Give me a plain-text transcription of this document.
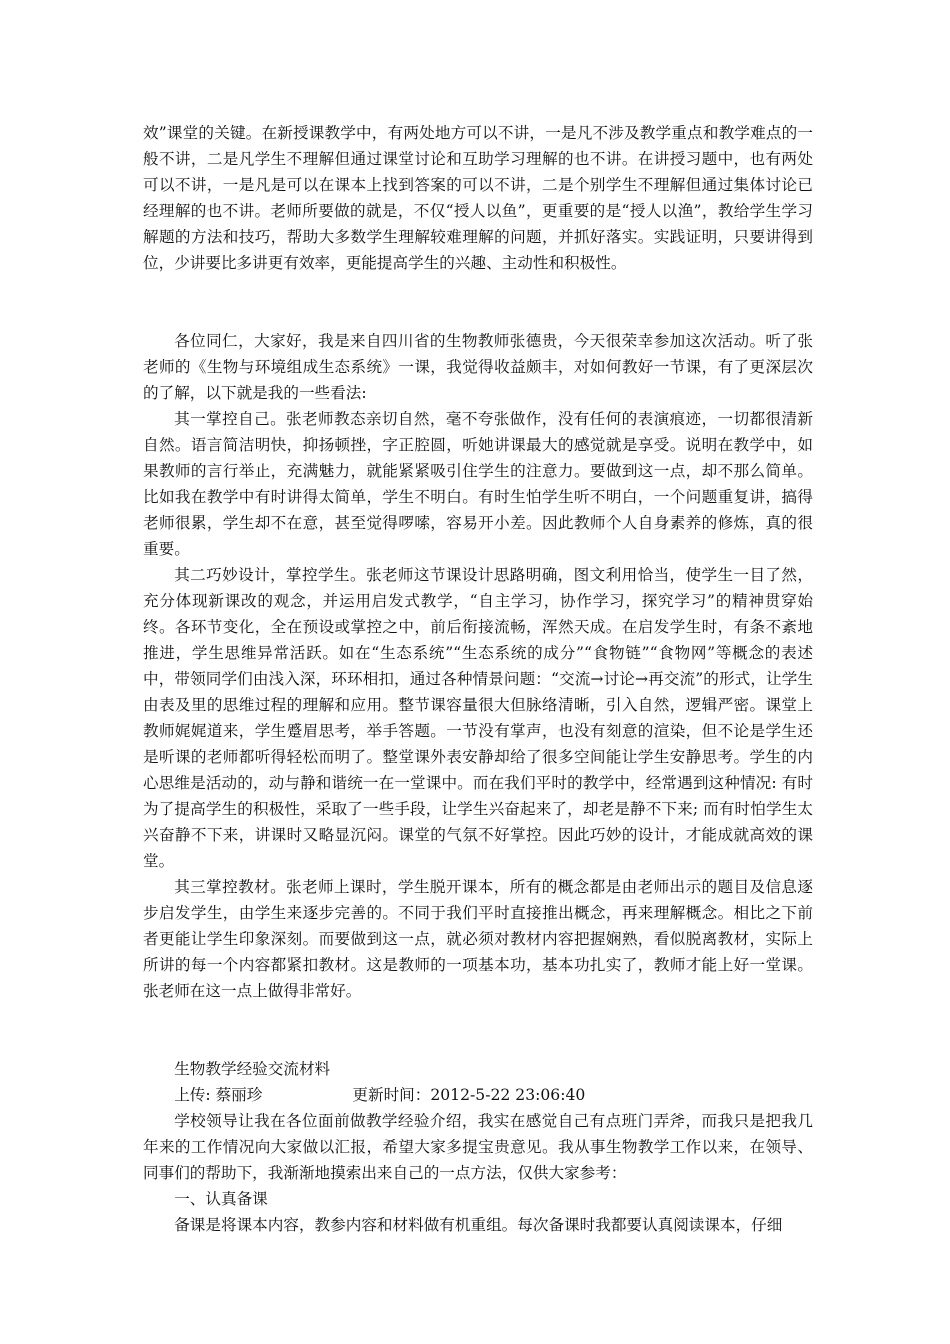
效”课堂的关键。在新授课教学中，有两处地方可以不讲，一是凡不涉及教学重点和教学难点的一般不讲，二是凡学生不理解但通过课堂讨论和互助学习理解的也不讲。在讲授习题中，也有两处可以不讲，一是凡是可以在课本上找到答案的可以不讲，二是个别学生不理解但通过集体讨论已经理解的也不讲。老师所要做的就是，不仅“授人以鱼”，更重要的是“授人以渔”，教给学生学习解题的方法和技巧，帮助大多数学生理解较难理解的问题，并抓好落实。实践证明，只要讲得到位，少讲要比多讲更有效率，更能提高学生的兴趣、主动性和积极性。

各位同仁，大家好，我是来自四川省的生物教师张德贵，今天很荣幸参加这次活动。听了张老师的《生物与环境组成生态系统》一课，我觉得收益颇丰，对如何教好一节课，有了更深层次的了解，以下就是我的一些看法:

其一掌控自己。张老师教态亲切自然，毫不夸张做作，没有任何的表演痕迹，一切都很清新自然。语言简洁明快，抑扬顿挫，字正腔圆，听她讲课最大的感觉就是享受。说明在教学中，如果教师的言行举止，充满魅力，就能紧紧吸引住学生的注意力。要做到这一点，却不那么简单。比如我在教学中有时讲得太简单，学生不明白。有时生怕学生听不明白，一个问题重复讲，搞得老师很累，学生却不在意，甚至觉得啰嗦，容易开小差。因此教师个人自身素养的修炼，真的很重要。

其二巧妙设计，掌控学生。张老师这节课设计思路明确，图文利用恰当，使学生一目了然，充分体现新课改的观念，并运用启发式教学，“自主学习，协作学习，探究学习”的精神贯穿始终。各环节变化，全在预设或掌控之中，前后衔接流畅，浑然天成。在启发学生时，有条不紊地推进，学生思维异常活跃。如在“生态系统”“生态系统的成分”“食物链”“食物网”等概念的表述中，带领同学们由浅入深，环环相扣，通过各种情景问题：“交流→讨论→再交流”的形式，让学生由表及里的思维过程的理解和应用。整节课容量很大但脉络清晰，引入自然，逻辑严密。课堂上教师娓娓道来，学生蹙眉思考，举手答题。一节没有掌声，也没有刻意的渲染，但不论是学生还是听课的老师都听得轻松而明了。整堂课外表安静却给了很多空间能让学生安静思考。学生的内心思维是活动的，动与静和谐统一在一堂课中。而在我们平时的教学中，经常遇到这种情况: 有时为了提高学生的积极性，采取了一些手段，让学生兴奋起来了，却老是静不下来; 而有时怕学生太兴奋静不下来，讲课时又略显沉闷。课堂的气氛不好掌控。因此巧妙的设计，才能成就高效的课堂。

其三掌控教材。张老师上课时，学生脱开课本，所有的概念都是由老师出示的题目及信息逐步启发学生，由学生来逐步完善的。不同于我们平时直接推出概念，再来理解概念。相比之下前者更能让学生印象深刻。而要做到这一点，就必须对教材内容把握娴熟，看似脱离教材，实际上所讲的每一个内容都紧扣教材。这是教师的一项基本功，基本功扎实了，教师才能上好一堂课。张老师在这一点上做得非常好。

生物教学经验交流材料

上传: 蔡丽珍	更新时间：2012-5-22 23:06:40

学校领导让我在各位面前做教学经验介绍，我实在感觉自己有点班门弄斧，而我只是把我几年来的工作情况向大家做以汇报，希望大家多提宝贵意见。我从事生物教学工作以来，在领导、同事们的帮助下，我渐渐地摸索出来自己的一点方法，仅供大家参考：

一、认真备课

备课是将课本内容，教参内容和材料做有机重组。每次备课时我都要认真阅读课本，仔细
